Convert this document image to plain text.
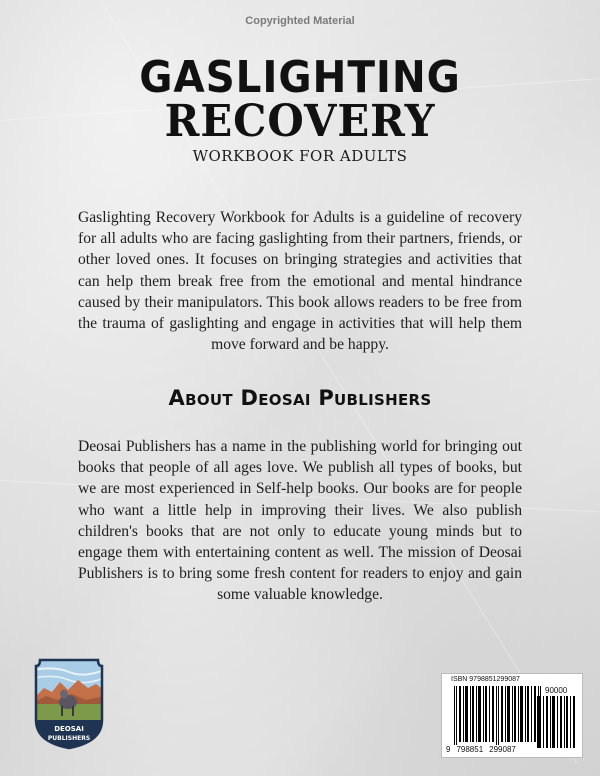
Copyrighted Material
GASLIGHTING
RECOVERY
WORKBOOK FOR ADULTS
Gaslighting Recovery Workbook for Adults is a guideline of recovery for all adults who are facing gaslighting from their partners, friends, or other loved ones. It focuses on bringing strategies and activities that can help them break free from the emotional and mental hindrance caused by their manipulators. This book allows readers to be free from the trauma of gaslighting and engage in activities that will help them move forward and be happy.
About Deosai Publishers
Deosai Publishers has a name in the publishing world for bringing out books that people of all ages love. We publish all types of books, but we are most experienced in Self-help books. Our books are for people who want a little help in improving their lives. We also publish children's books that are not only to educate young minds but to engage them with entertaining content as well. The mission of Deosai Publishers is to bring some fresh content for readers to enjoy and gain some valuable knowledge.
DEOSAI
PUBLISHERS
ISBN 9798851299087
90000
9 798851 299087
